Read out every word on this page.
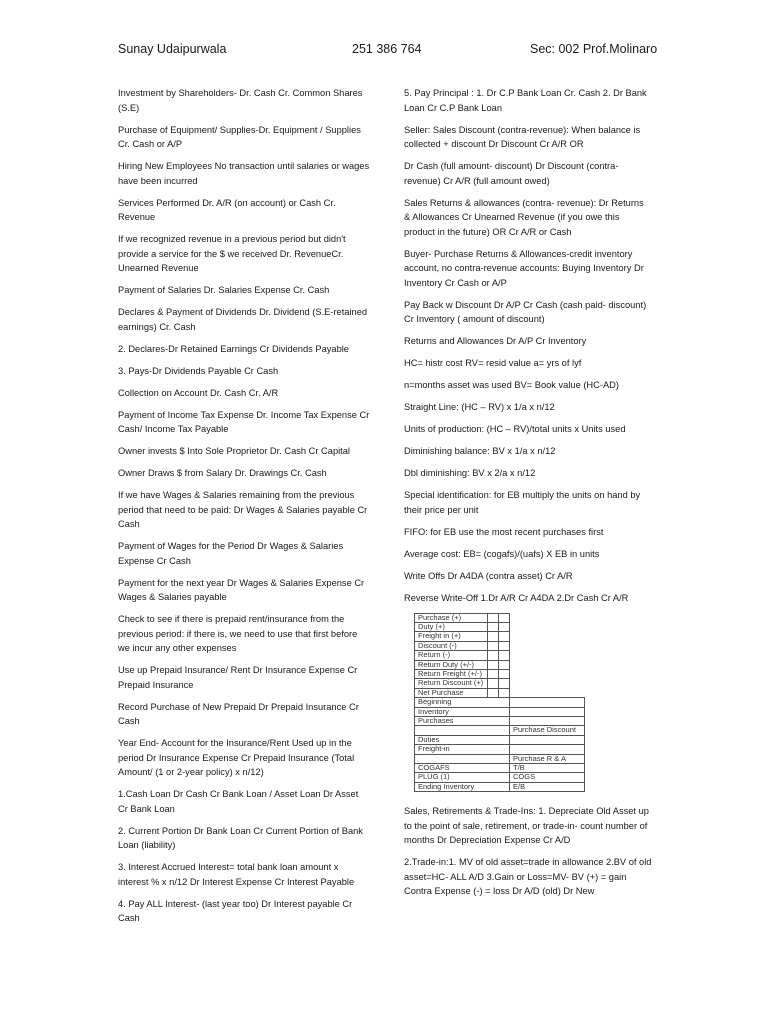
Sunay Udaipurwala	251 386 764	Sec: 002 Prof.Molinaro

Investment by Shareholders- Dr. Cash Cr. Common Shares (S.E)

Purchase of Equipment/ Supplies-Dr. Equipment / Supplies Cr. Cash or A/P

Hiring New Employees No transaction until salaries or wages have been incurred

Services Performed Dr. A/R (on account) or Cash Cr. Revenue

If we recognized revenue in a previous period but didn't provide a service for the $ we received Dr. RevenueCr. Unearned Revenue

Payment of Salaries Dr. Salaries Expense Cr. Cash

Declares & Payment of Dividends Dr. Dividend (S.E-retained earnings) Cr. Cash

2. Declares-Dr Retained Earnings Cr Dividends Payable

3. Pays-Dr Dividends Payable Cr Cash

Collection on Account Dr. Cash Cr. A/R

Payment of Income Tax Expense Dr. Income Tax Expense Cr Cash/ Income Tax Payable

Owner invests $ Into Sole Proprietor Dr. Cash Cr Capital

Owner Draws $ from Salary Dr. Drawings Cr. Cash

If we have Wages & Salaries remaining from the previous period that need to be paid: Dr Wages & Salaries payable Cr Cash

Payment of Wages for the Period Dr Wages & Salaries Expense Cr Cash

Payment for the next year Dr Wages & Salaries Expense Cr Wages & Salaries payable

Check to see if there is prepaid rent/insurance from the previous period: if there is, we need to use that first before we incur any other expenses

Use up Prepaid Insurance/ Rent Dr Insurance Expense Cr Prepaid Insurance

Record Purchase of New Prepaid Dr Prepaid Insurance Cr Cash

Year End- Account for the Insurance/Rent Used up in the period Dr Insurance Expense Cr Prepaid Insurance (Total Amount/ (1 or 2-year policy) x n/12)

1.Cash Loan Dr Cash Cr Bank Loan / Asset Loan Dr Asset Cr Bank Loan

2. Current Portion Dr Bank Loan Cr Current Portion of Bank Loan (liability)

3. Interest Accrued Interest= total bank loan amount x interest % x n/12 Dr Interest Expense Cr Interest Payable

4. Pay ALL Interest- (last year too) Dr Interest payable Cr Cash

5. Pay Principal : 1. Dr C.P Bank Loan Cr. Cash 2. Dr Bank Loan Cr C.P Bank Loan

Seller: Sales Discount (contra-revenue): When balance is collected + discount Dr Discount Cr A/R OR

Dr Cash (full amount- discount) Dr Discount (contra-revenue) Cr A/R (full amount owed)

Sales Returns & allowances (contra- revenue): Dr Returns & Allowances Cr Unearned Revenue (if you owe this product in the future) OR Cr A/R or Cash

Buyer- Purchase Returns & Allowances-credit inventory account, no contra-revenue accounts: Buying Inventory Dr Inventory Cr Cash or A/P

Pay Back w Discount Dr A/P Cr Cash (cash paid- discount) Cr Inventory ( amount of discount)

Returns and Allowances Dr A/P Cr Inventory

HC= histr cost RV= resid value a= yrs of lyf

n=months asset was used BV= Book value (HC-AD)

Straight Line: (HC – RV) x 1/a x n/12

Units of production: (HC – RV)/total units x Units used

Diminishing balance: BV x 1/a x n/12

Dbl diminishing: BV x 2/a x n/12

Special identification: for EB multiply the units on hand by their price per unit

FIFO: for EB use the most recent purchases first

Average cost: EB= (cogafs)/(uafs) X EB in units

Write Offs Dr A4DA (contra asset) Cr A/R

Reverse Write-Off 1.Dr A/R Cr A4DA 2.Dr Cash Cr A/R

Purchase (+)			
Duty (+)			
Freight in (+)			
Discount (-)			
Return (-)			
Return Duty (+/-)			
Return Freight (+/-)			
Return Discount (+)			
Net Purchase			
Beginning			
Inventory			
Purchases			
			Purchase Discount
Duties			
Freight-in			
			Purchase R & A
COGAFS			T/B
PLUG (1)			COGS
Ending Inventory			E/B

Sales, Retirements & Trade-Ins: 1. Depreciate Old Asset up to the point of sale, retirement, or trade-in- count number of months Dr Depreciation Expense Cr A/D

2.Trade-in:1. MV of old asset=trade in allowance 2.BV of old asset=HC- ALL A/D 3.Gain or Loss=MV- BV (+) = gain Contra Expense (-) = loss Dr A/D (old) Dr New
